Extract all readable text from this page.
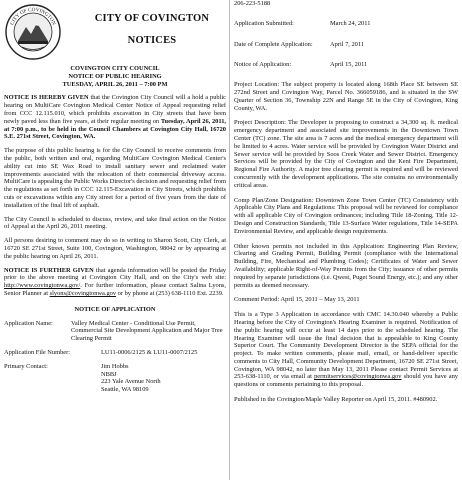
CITY OF COVINGTON	CITY OF COVINGTON
NOTICES
COVINGTON CITY COUNCIL
NOTICE OF PUBLIC HEARING
TUESDAY, APRIL 26, 2011 – 7:00 PM

NOTICE IS HEREBY GIVEN that the Covington City Council will a hold a public hearing on MultiCare Covington Medical Center Notice of Appeal requesting relief from CCC 12.115.010, which prohibits excavation in City streets that have been newly paved less than five years, at their regular meeting on Tuesday, April 26, 2011, at 7:00 p.m., to be held in the Council Chambers at Covington City Hall, 16720 S.E. 271st Street, Covington, WA.

The purpose of this public hearing is for the City Council to receive comments from the public, both written and oral, regarding MultiCare Covington Medical Center's ability cut into SE Wax Road to install sanitary sewer and reclaimed water improvements associated with the relocation of their commercial driveway access. MultiCare is appealing the Public Works Director's decision and requesting relief from the regulations as set forth in CCC 12.115-Excavation in City Streets, which prohibits cuts or excavations within any City street for a period of five years from the date of installation of the final lift of asphalt.

The City Council is scheduled to discuss, review, and take final action on the Notice of Appeal at the April 26, 2011 meeting.

All persons desiring to comment may do so in writing to Sharon Scott, City Clerk, at 16720 SE 271st Street, Suite 100, Covington, Washington, 98042 or by appearing at the public hearing on April 26, 2011.

NOTICE IS FURTHER GIVEN that agenda information will be posted the Friday prior to the above meeting at Covington City Hall, and on the City's web site: http://www.covingtonwa.gov/. For further information, please contact Salina Lyons, Senior Planner at slyons@covingtonwa.gov or by phone at (253) 638-1110 Ext. 2239.

NOTICE OF APPLICATION
Application Name:	Valley Medical Center - Conditional Use Permit, Commercial Site Development Application and Major Tree Clearing Permit
Application File Number:	LU11-0006/2125 & LU11-0007/2125
Primary Contact:	Jim Hobbs
NBBJ
223 Yale Avenue North
Seattle, WA 98109
206-223-5188
Application Submitted:	March 24, 2011
Date of Complete Application:	April 7, 2011
Notice of Application:	April 15, 2011

Project Location: The subject property is located along 168th Place SE between SE 272nd Street and Covington Way, Parcel No. 366059186, and is situated in the SW Quarter of Section 36, Township 22N and Range 5E in the City of Covington, King County, WA.

Project Description: The Developer is proposing to construct a 34,300 sq. ft. medical emergency department and associated site improvements in the Downtown Town Center (TC) zone. The site area is 7 acres and the medical emergency department will be limited to 4 acres. Water service will be provided by Covington Water District and Sewer service will be provided by Soos Creek Water and Sewer District. Emergency Services will be provided by the City of Covington and the Kent Fire Department, Regional Fire Authority. A major tree clearing permit is required and will be reviewed concurrently with the development applications. The site contains no environmentally critical areas.

Comp Plan/Zone Designation: Downtown Zone Town Center (TC) Consistency with Applicable City Plans and Regulations: This proposal will be reviewed for compliance with all applicable City of Covington ordinances; including Title 18-Zoning, Title 12-Design and Construction Standards, Title 13-Surface Water regulations, Title 14-SEPA Environmental Review, and applicable design requirements.

Other known permits not included in this Application: Engineering Plan Review, Clearing and Grading Permit, Building Permit (compliance with the International Building, Fire, Mechanical and Plumbing Codes); Certificates of Water and Sewer Availability; applicable Right-of-Way Permits from the City; issuance of other permits required by separate jurisdictions (i.e. Qwest, Puget Sound Energy, etc.); and any other permits as deemed necessary.

Comment Period: April 15, 2011 – May 13, 2011

This is a Type 3 Application in accordance with CMC 14.30.040 whereby a Public Hearing before the City of Covington's Hearing Examiner is required. Notification of the public hearing will occur at least 14 days prior to the scheduled hearing. The Hearing Examiner will issue the final decision that is appealable to King County Superior Court. The Community Development Director is the SEPA official for the project. To make written comments, please mail, email, or hand-deliver specific comments to City Hall, Community Development Department, 16720 SE 271st Street, Covington, WA 98042, no later than May 13, 2011 Please contact Permit Services at 253-638-1110, or via email at permitservices@covingtonwa.gov should you have any questions or comments pertaining to this proposal.

Published in the Covington/Maple Valley Reporter on April 15, 2011. #480902.
